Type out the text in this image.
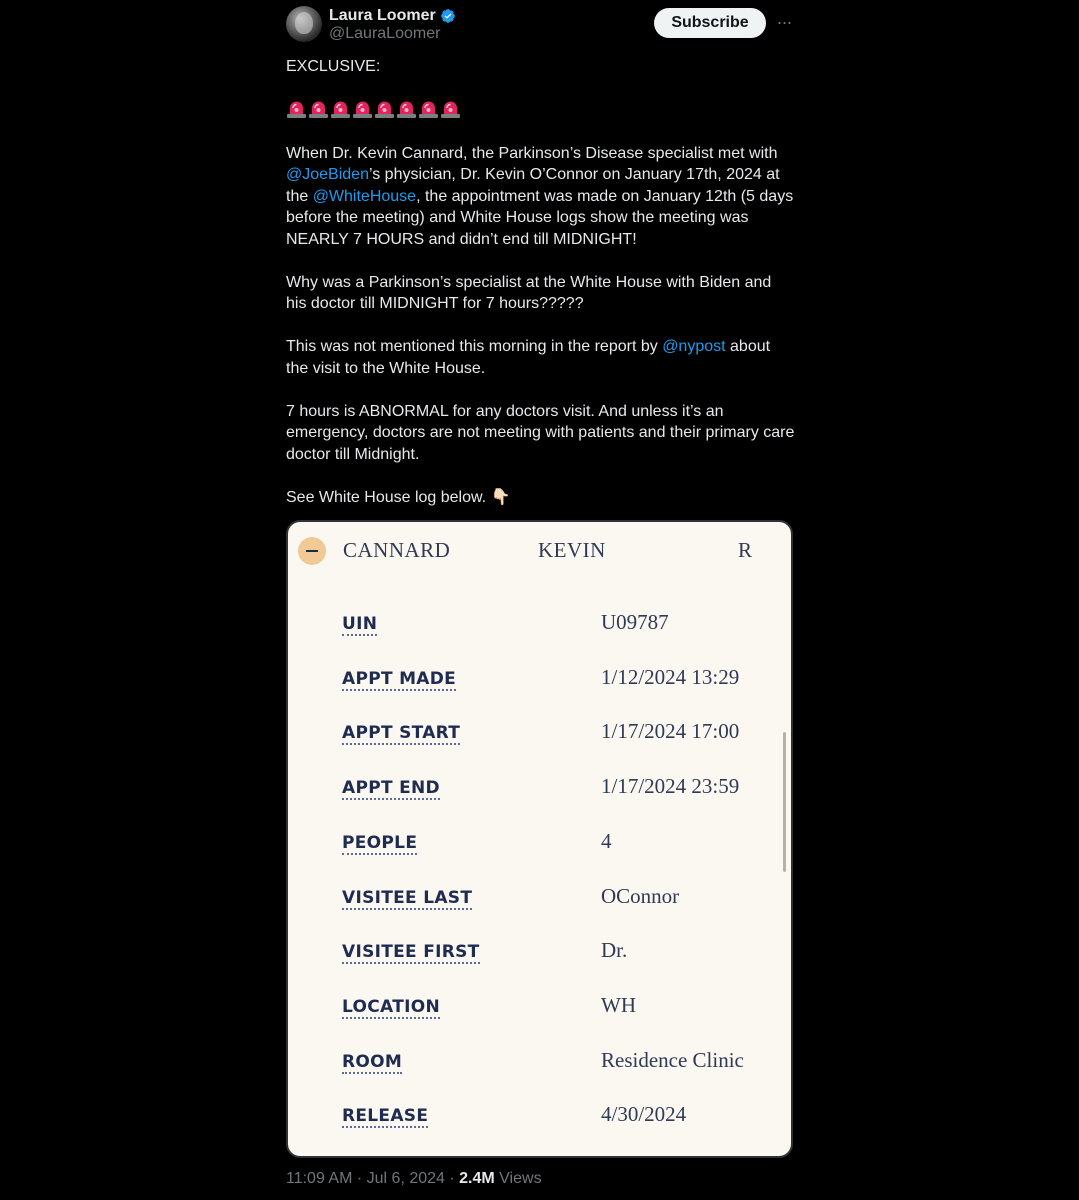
Laura Loomer
@LauraLoomer
Subscribe	···

EXCLUSIVE:

When Dr. Kevin Cannard, the Parkinson’s Disease specialist met with @JoeBiden’s physician, Dr. Kevin O’Connor on January 17th, 2024 at the @WhiteHouse, the appointment was made on January 12th (5 days before the meeting) and White House logs show the meeting was NEARLY 7 HOURS and didn’t end till MIDNIGHT!

Why was a Parkinson’s specialist at the White House with Biden and his doctor till MIDNIGHT for 7 hours?????

This was not mentioned this morning in the report by @nypost about the visit to the White House.

7 hours is ABNORMAL for any doctors visit. And unless it’s an emergency, doctors are not meeting with patients and their primary care doctor till Midnight.

See White House log below. 👇🏻

CANNARD	KEVIN	R
UIN	U09787
APPT MADE	1/12/2024 13:29
APPT START	1/17/2024 17:00
APPT END	1/17/2024 23:59
PEOPLE	4
VISITEE LAST	OConnor
VISITEE FIRST	Dr.
LOCATION	WH
ROOM	Residence Clinic
RELEASE	4/30/2024
11:09 AM · Jul 6, 2024 · 2.4M Views
